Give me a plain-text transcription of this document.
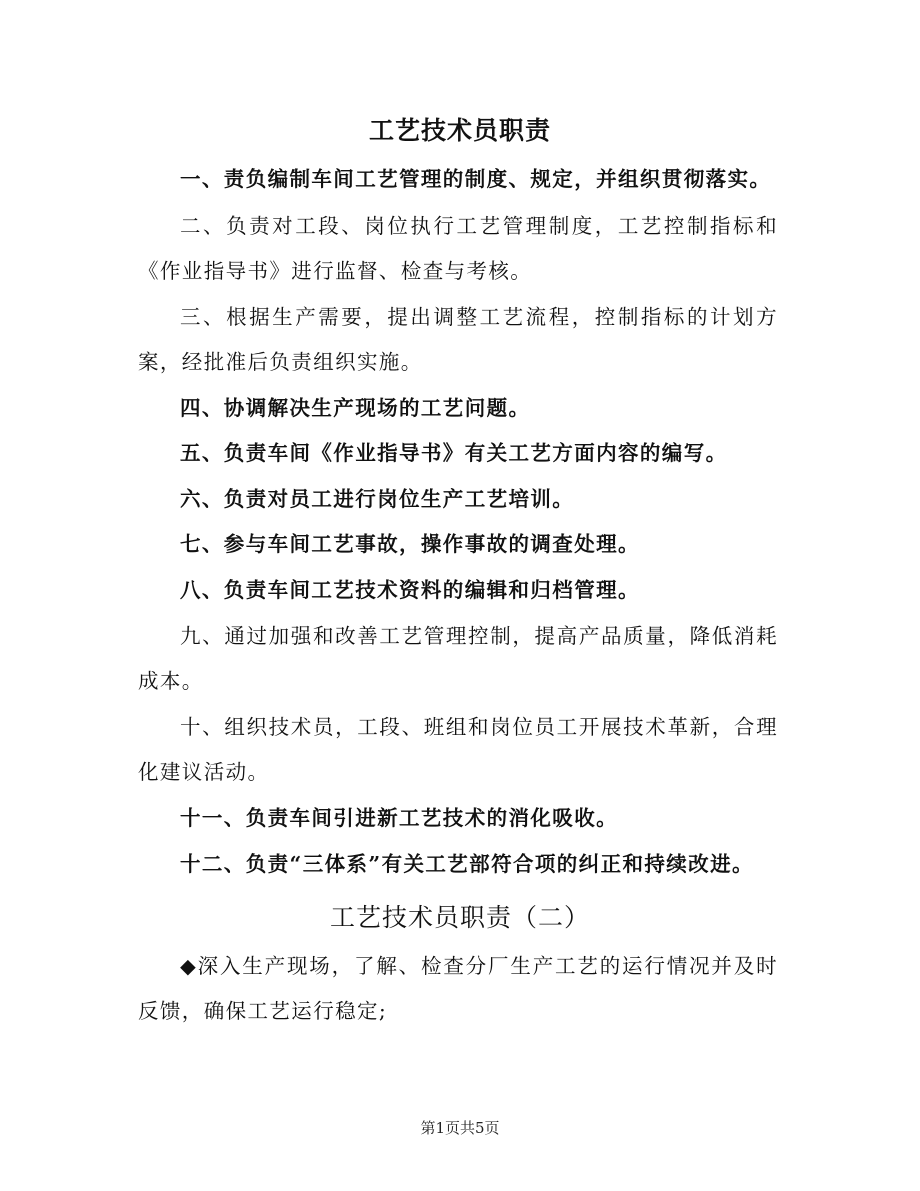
工艺技术员职责

一、责负编制车间工艺管理的制度、规定，并组织贯彻落实。

二、负责对工段、岗位执行工艺管理制度，工艺控制指标和《作业指导书》进行监督、检查与考核。

三、根据生产需要，提出调整工艺流程，控制指标的计划方案，经批准后负责组织实施。

四、协调解决生产现场的工艺问题。

五、负责车间《作业指导书》有关工艺方面内容的编写。

六、负责对员工进行岗位生产工艺培训。

七、参与车间工艺事故，操作事故的调查处理。

八、负责车间工艺技术资料的编辑和归档管理。

九、通过加强和改善工艺管理控制，提高产品质量，降低消耗成本。

十、组织技术员，工段、班组和岗位员工开展技术革新，合理化建议活动。

十一、负责车间引进新工艺技术的消化吸收。

十二、负责“三体系”有关工艺部符合项的纠正和持续改进。

工艺技术员职责（二）

◆深入生产现场，了解、检查分厂生产工艺的运行情况并及时反馈，确保工艺运行稳定;

第1页共5页
